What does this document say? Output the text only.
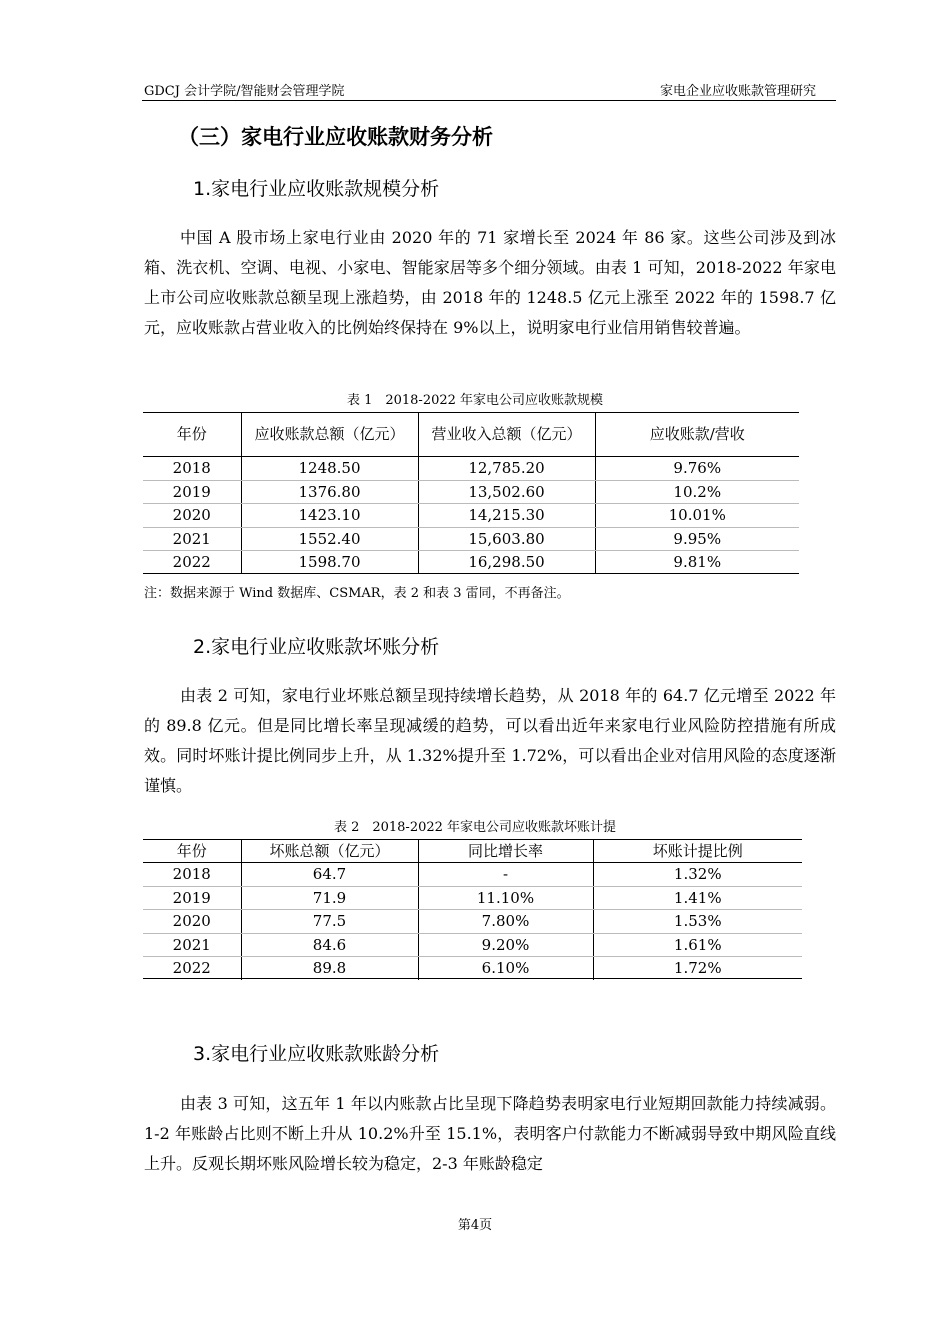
GDCJ 会计学院/智能财会管理学院	家电企业应收账款管理研究
（三）家电行业应收账款财务分析
1.家电行业应收账款规模分析

中国 A 股市场上家电行业由 2020 年的 71 家增长至 2024 年 86 家。这些公司涉及到冰箱、洗衣机、空调、电视、小家电、智能家居等多个细分领域。由表 1 可知，2018-2022 年家电上市公司应收账款总额呈现上涨趋势，由 2018 年的 1248.5 亿元上涨至 2022 年的 1598.7 亿元，应收账款占营业收入的比例始终保持在 9%以上，说明家电行业信用销售较普遍。

表 1　2018-2022 年家电公司应收账款规模
年份	应收账款总额（亿元）	营业收入总额（亿元）	应收账款/营收
2018	1248.50	12,785.20	9.76%
2019	1376.80	13,502.60	10.2%
2020	1423.10	14,215.30	10.01%
2021	1552.40	15,603.80	9.95%
2022	1598.70	16,298.50	9.81%
注：数据来源于 Wind 数据库、CSMAR，表 2 和表 3 雷同，不再备注。
2.家电行业应收账款坏账分析

由表 2 可知，家电行业坏账总额呈现持续增长趋势，从 2018 年的 64.7 亿元增至 2022 年的 89.8 亿元。但是同比增长率呈现减缓的趋势，可以看出近年来家电行业风险防控措施有所成效。同时坏账计提比例同步上升，从 1.32%提升至 1.72%，可以看出企业对信用风险的态度逐渐谨慎。

表 2　2018-2022 年家电公司应收账款坏账计提
年份	坏账总额（亿元）	同比增长率	坏账计提比例
2018	64.7	-	1.32%
2019	71.9	11.10%	1.41%
2020	77.5	7.80%	1.53%
2021	84.6	9.20%	1.61%
2022	89.8	6.10%	1.72%
3.家电行业应收账款账龄分析

由表 3 可知，这五年 1 年以内账款占比呈现下降趋势表明家电行业短期回款能力持续减弱。1-2 年账龄占比则不断上升从 10.2%升至 15.1%，表明客户付款能力不断减弱导致中期风险直线上升。反观长期坏账风险增长较为稳定，2-3 年账龄稳定

第4页
